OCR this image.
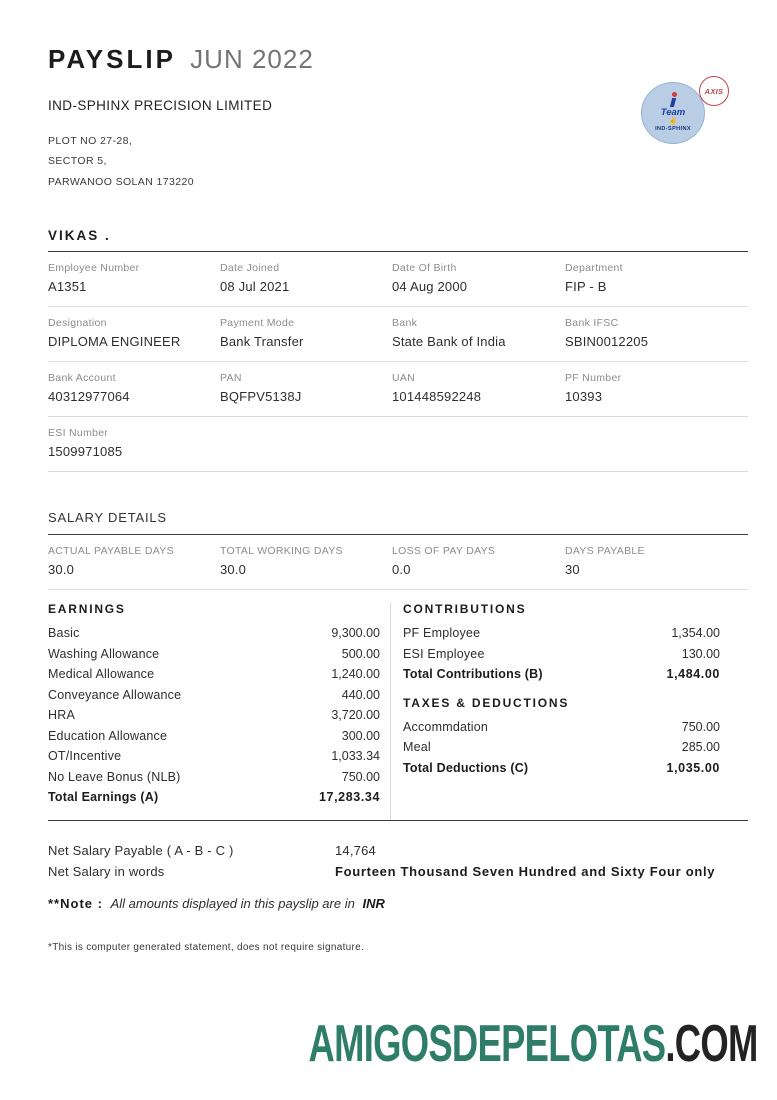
PAYSLIP JUN 2022
IND-SPHINX PRECISION LIMITED
PLOT NO 27-28,
SECTOR 5,
PARWANOO SOLAN 173220
Team
✌
IND-SPHINX
AXIS
VIKAS .
Employee Number
A1351
Date Joined
08 Jul 2021
Date Of Birth
04 Aug 2000
Department
FIP - B
Designation
DIPLOMA ENGINEER
Payment Mode
Bank Transfer
Bank
State Bank of India
Bank IFSC
SBIN0012205
Bank Account
40312977064
PAN
BQFPV5138J
UAN
101448592248
PF Number
10393
ESI Number
1509971085
SALARY DETAILS
ACTUAL PAYABLE DAYS
30.0
TOTAL WORKING DAYS
30.0
LOSS OF PAY DAYS
0.0
DAYS PAYABLE
30
EARNINGS
Basic	9,300.00
Washing Allowance	500.00
Medical Allowance	1,240.00
Conveyance Allowance	440.00
HRA	3,720.00
Education Allowance	300.00
OT/Incentive	1,033.34
No Leave Bonus (NLB)	750.00
Total Earnings (A)	17,283.34
CONTRIBUTIONS
PF Employee	1,354.00
ESI Employee	130.00
Total Contributions (B)	1,484.00
TAXES & DEDUCTIONS
Accommdation	750.00
Meal	285.00
Total Deductions (C)	1,035.00
Net Salary Payable ( A - B - C )	14,764
Net Salary in words	Fourteen Thousand Seven Hundred and Sixty Four only
**Note : All amounts displayed in this payslip are in INR
*This is computer generated statement, does not require signature.
AMIGOSDEPELOTAS.COM
